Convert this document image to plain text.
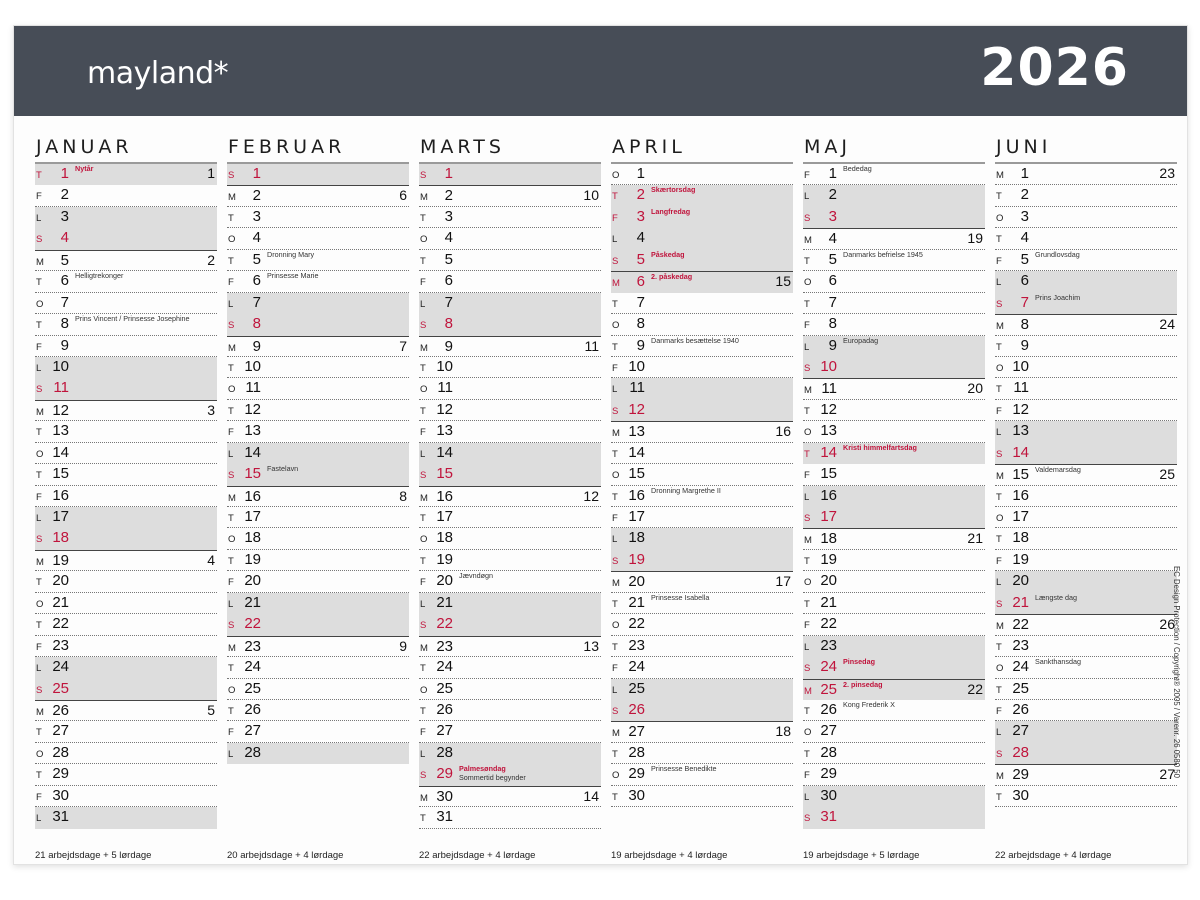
mayland*	2026
JANUAR
T	1 Nytår	1
F	2
L	3
S	4
M	5	2
T	6 Helligtrekonger
O	7
T	8 Prins Vincent / Prinsesse Josephine
F	9
L 10
S 11
M 12	3
T 13
O 14
T 15
F 16
L 17
S 18
M 19	4
T 20
O 21
T 22
F 23
L 24
S 25
M 26	5
T 27
O 28
T 29
F 30
L 31
21 arbejdsdage + 5 lørdage
FEBRUAR
S	1
M	2	6
T	3
O	4
T	5 Dronning Mary
F	6 Prinsesse Marie
L	7
S	8
M	9	7
T 10
O 11
T 12
F 13
L 14
S 15 Fastelavn
M 16	8
T 17
O 18
T 19
F 20
L 21
S 22
M 23	9
T 24
O 25
T 26
F 27
L 28
20 arbejdsdage + 4 lørdage
MARTS
S	1
M	2	10
T	3
O	4
T	5
F	6
L	7
S	8
M	9	11
T 10
O 11
T 12
F 13
L 14
S 15
M 16	12
T 17
O 18
T 19
F 20 Jævndøgn
L 21
S 22
M 23	13
T 24
O 25
T 26
F 27
L 28
S 29 Palmesøndag
Sommertid begynder
M 30	14
T 31
22 arbejdsdage + 4 lørdage
APRIL
O	1
T	2 Skærtorsdag
F	3 Langfredag
L	4
S	5 Påskedag
M	6 2. påskedag	15
T	7
O	8
T	9 Danmarks besættelse 1940
F 10
L 11
S 12
M 13	16
T 14
O 15
T 16 Dronning Margrethe II
F 17
L 18
S 19
M 20	17
T 21 Prinsesse Isabella
O 22
T 23
F 24
L 25
S 26
M 27	18
T 28
O 29 Prinsesse Benedikte
T 30
19 arbejdsdage + 4 lørdage
MAJ
F	1 Bededag
L	2
S	3
M	4	19
T	5 Danmarks befrielse 1945
O	6
T	7
F	8
L	9 Europadag
S 10
M 11	20
T 12
O 13
T 14 Kristi himmelfartsdag
F 15
L 16
S 17
M 18	21
T 19
O 20
T 21
F 22
L 23
S 24 Pinsedag
M 25 2. pinsedag	22
T 26 Kong Frederik X
O 27
T 28
F 29
L 30
S 31
19 arbejdsdage + 5 lørdage
JUNI
M	1	23
T	2
O	3
T	4
F	5 Grundlovsdag
L	6
S	7 Prins Joachim
M	8	24
T	9
O 10
T 11
F 12
L 13
S 14
M 15 Valdemarsdag	25
T 16
O 17
T 18
F 19
L 20
S 21 Længste dag
M 22	26
T 23
O 24 Sankthansdag
T 25
F 26
L 27
S 28
M 29	27
T 30
22 arbejdsdage + 4 lørdage
EC Design Protection / Copyright® 2005 / Varenr. 26 0580 50
